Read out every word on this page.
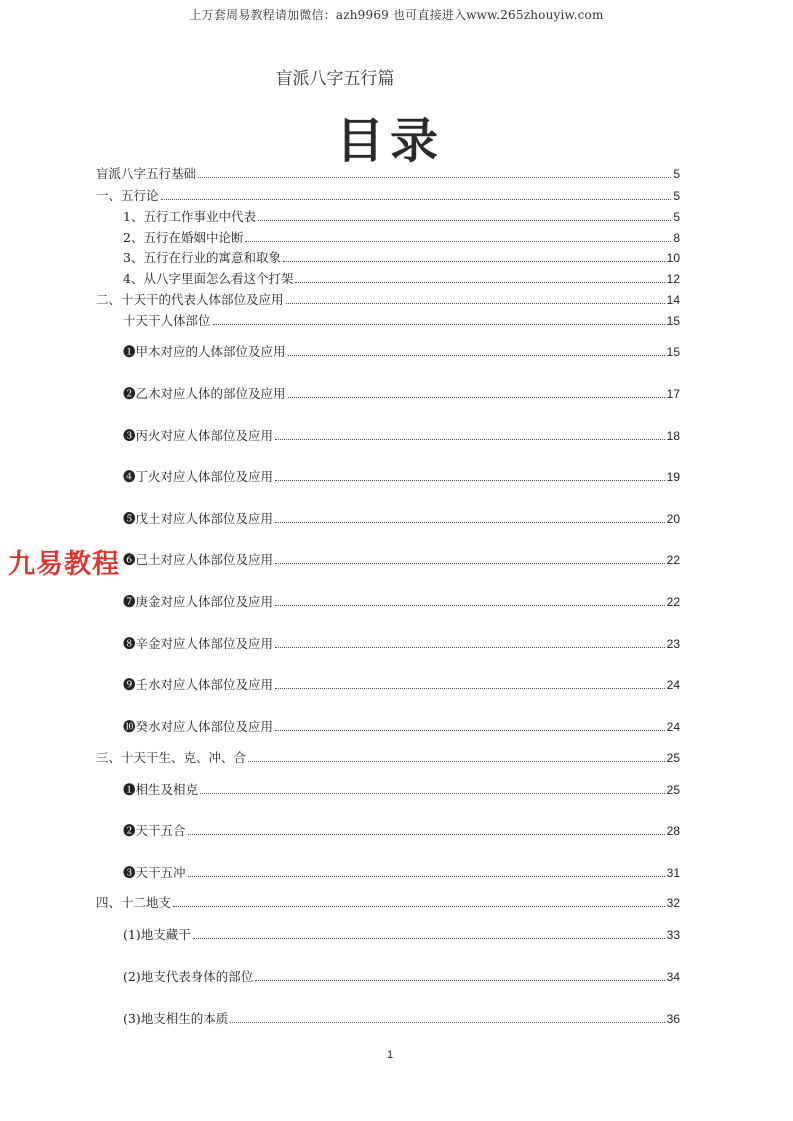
上万套周易教程请加微信：azh9969 也可直接进入www.265zhouyiw.com
盲派八字五行篇
目录
盲派八字五行基础	5
一、五行论	5
1、五行工作事业中代表	5
2、五行在婚姻中论断	8
3、五行在行业的寓意和取象	10
4、从八字里面怎么看这个打架	12
二、十天干的代表人体部位及应用	14
十天干人体部位	15
❶甲木对应的人体部位及应用	15
❷乙木对应人体的部位及应用	17
❸丙火对应人体部位及应用	18
❹丁火对应人体部位及应用	19
❺戊土对应人体部位及应用	20
❻己土对应人体部位及应用	22
❼庚金对应人体部位及应用	22
❽辛金对应人体部位及应用	23
❾壬水对应人体部位及应用	24
❿癸水对应人体部位及应用	24
三、十天干生、克、冲、合	25
❶相生及相克	25
❷天干五合	28
❸天干五冲	31
四、十二地支	32
(1)地支藏干	33
(2)地支代表身体的部位	34
(3)地支相生的本质	36
九易教程
1
